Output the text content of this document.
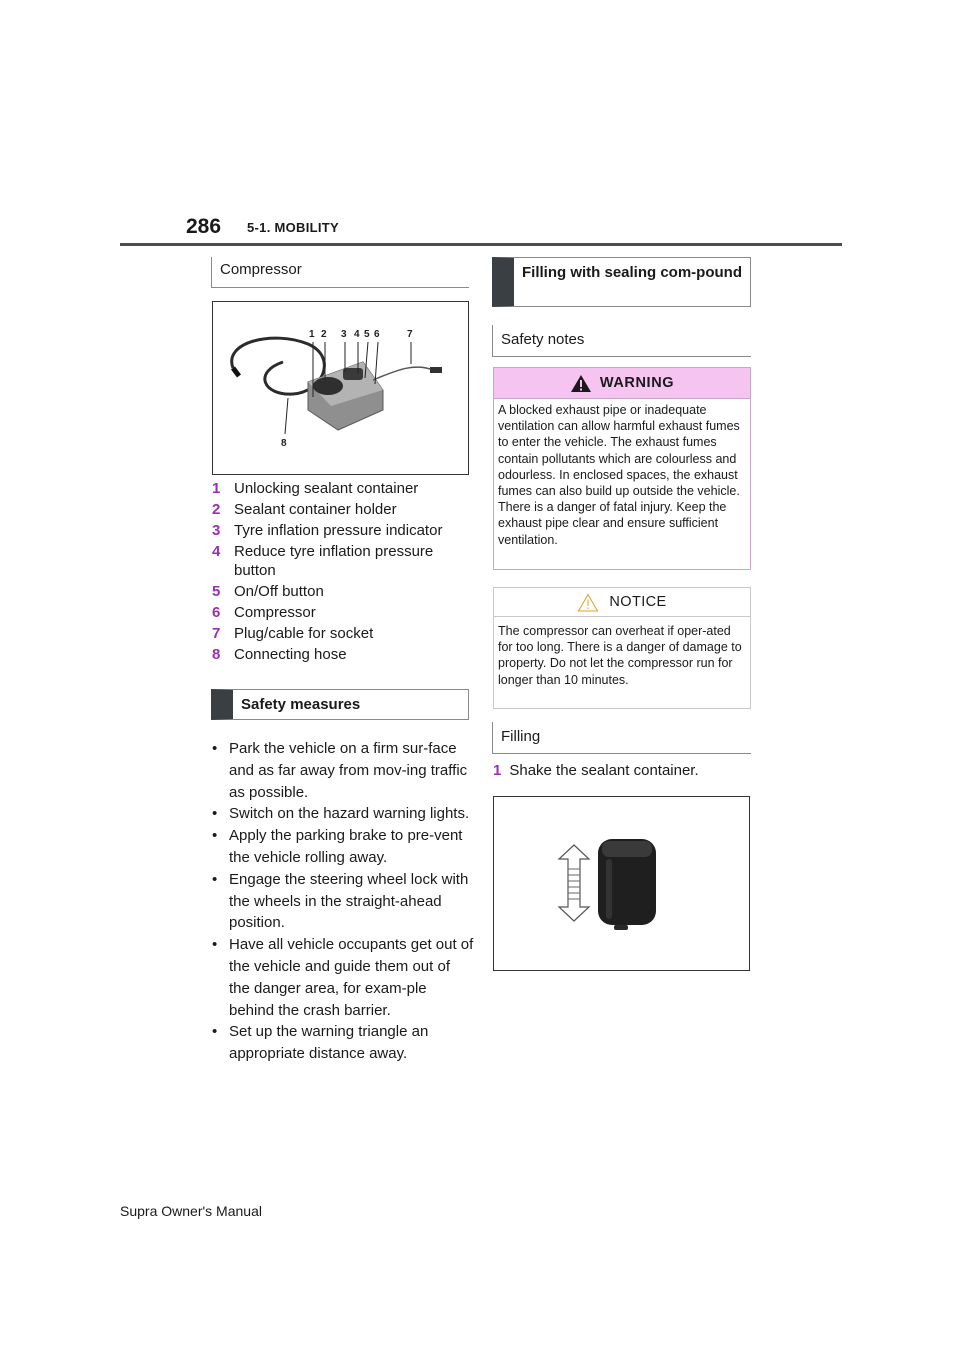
286 5-1. MOBILITY
Compressor
1 2 3 4 5 6	7
8
1 Unlocking sealant container
2 Sealant container holder
3 Tyre inflation pressure indicator
4 Reduce tyre inflation pressure button
5 On/Off button
6 Compressor
7 Plug/cable for socket
8 Connecting hose
Safety measures
• Park the vehicle on a firm sur-face and as far away from mov-ing traffic as possible.
• Switch on the hazard warning lights.
• Apply the parking brake to pre-vent the vehicle rolling away.
• Engage the steering wheel lock with the wheels in the straight-ahead position.
• Have all vehicle occupants get out of the vehicle and guide them out of the danger area, for exam-ple behind the crash barrier.
• Set up the warning triangle an appropriate distance away.
Filling with sealing com-pound
Safety notes
WARNING
A blocked exhaust pipe or inadequate ventilation can allow harmful exhaust fumes to enter the vehicle. The exhaust fumes contain pollutants which are colourless and odourless. In enclosed spaces, the exhaust fumes can also build up outside the vehicle. There is a danger of fatal injury. Keep the exhaust pipe clear and ensure sufficient ventilation.
NOTICE
The compressor can overheat if oper-ated for too long. There is a danger of damage to property. Do not let the compressor run for longer than 10 minutes.
Filling
1 Shake the sealant container.
Supra Owner's Manual
